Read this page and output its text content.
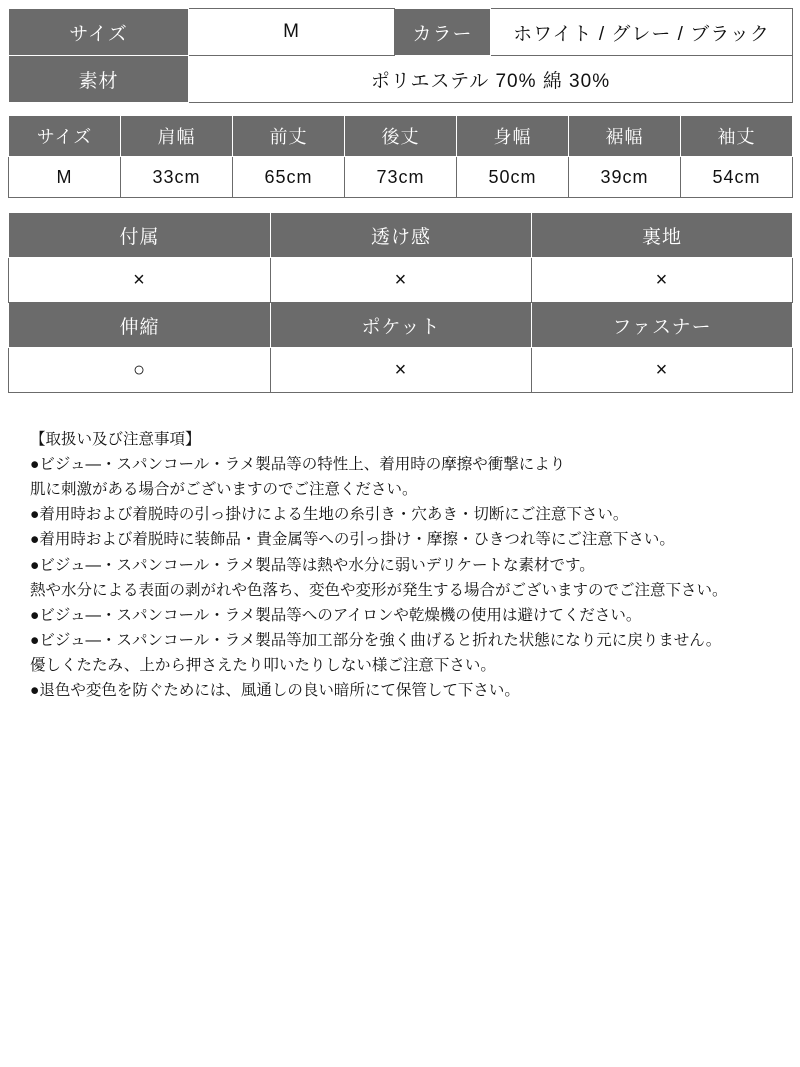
サイズ	M	カラー	ホワイト / グレー / ブラック
素材	ポリエステル 70% 綿 30%		
サイズ	肩幅	前丈	後丈	身幅	裾幅	袖丈
M	33cm	65cm	73cm	50cm	39cm	54cm
付属	透け感	裏地
×	×	×
伸縮	ポケット	ファスナー
○	×	×
【取扱い及び注意事項】
●ビジュ―・スパンコール・ラメ製品等の特性上、着用時の摩擦や衝撃により
肌に刺激がある場合がございますのでご注意ください。
●着用時および着脱時の引っ掛けによる生地の糸引き・穴あき・切断にご注意下さい。
●着用時および着脱時に装飾品・貴金属等への引っ掛け・摩擦・ひきつれ等にご注意下さい。
●ビジュ―・スパンコール・ラメ製品等は熱や水分に弱いデリケートな素材です。
熱や水分による表面の剥がれや色落ち、変色や変形が発生する場合がございますのでご注意下さい。
●ビジュ―・スパンコール・ラメ製品等へのアイロンや乾燥機の使用は避けてください。
●ビジュ―・スパンコール・ラメ製品等加工部分を強く曲げると折れた状態になり元に戻りません。
優しくたたみ、上から押さえたり叩いたりしない様ご注意下さい。
●退色や変色を防ぐためには、風通しの良い暗所にて保管して下さい。
